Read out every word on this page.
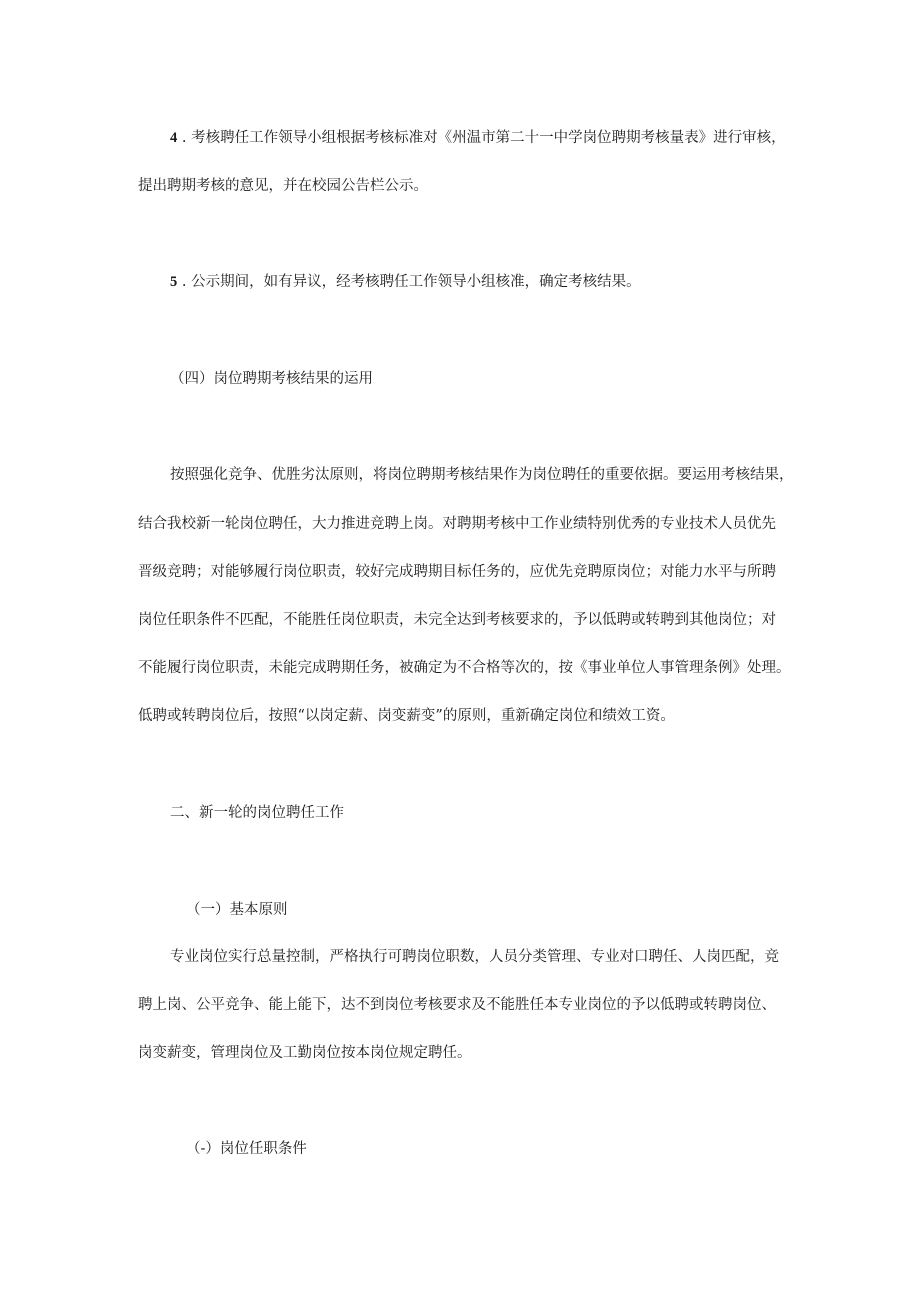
4 . 考核聘任工作领导小组根据考核标准对《州温市第二十一中学岗位聘期考核量表》进行审核，
提出聘期考核的意见，并在校园公告栏公示。
5 . 公示期间，如有异议，经考核聘任工作领导小组核准，确定考核结果。
（四）岗位聘期考核结果的运用
按照强化竞争、优胜劣汰原则，将岗位聘期考核结果作为岗位聘任的重要依据。要运用考核结果，
结合我校新一轮岗位聘任，大力推进竞聘上岗。对聘期考核中工作业绩特别优秀的专业技术人员优先
晋级竞聘；对能够履行岗位职责，较好完成聘期目标任务的，应优先竞聘原岗位；对能力水平与所聘
岗位任职条件不匹配，不能胜任岗位职责，未完全达到考核要求的，予以低聘或转聘到其他岗位；对
不能履行岗位职责，未能完成聘期任务，被确定为不合格等次的，按《事业单位人事管理条例》处理。
低聘或转聘岗位后，按照“以岗定薪、岗变薪变”的原则，重新确定岗位和绩效工资。
二、新一轮的岗位聘任工作
（一）基本原则
专业岗位实行总量控制，严格执行可聘岗位职数，人员分类管理、专业对口聘任、人岗匹配，竞
聘上岗、公平竞争、能上能下，达不到岗位考核要求及不能胜任本专业岗位的予以低聘或转聘岗位、
岗变薪变，管理岗位及工勤岗位按本岗位规定聘任。
（-）岗位任职条件
